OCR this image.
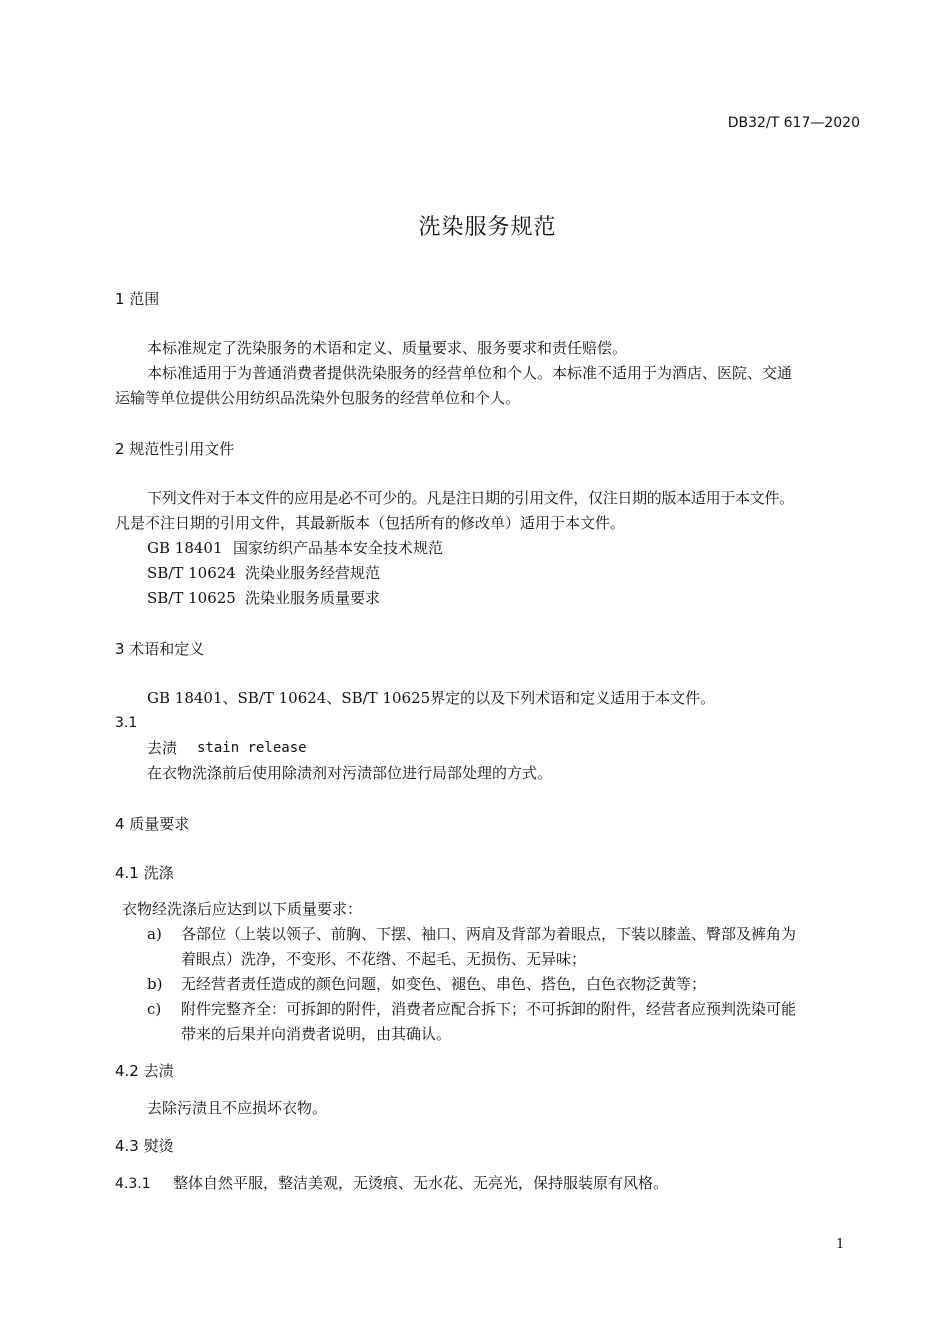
DB32/T 617—2020
洗染服务规范
1 范围
本标准规定了洗染服务的术语和定义、质量要求、服务要求和责任赔偿。
本标准适用于为普通消费者提供洗染服务的经营单位和个人。本标准不适用于为酒店、医院、交通
运输等单位提供公用纺织品洗染外包服务的经营单位和个人。
2 规范性引用文件
下列文件对于本文件的应用是必不可少的。凡是注日期的引用文件，仅注日期的版本适用于本文件。
凡是不注日期的引用文件，其最新版本（包括所有的修改单）适用于本文件。
GB 18401 国家纺织产品基本安全技术规范
SB/T 10624 洗染业服务经营规范
SB/T 10625 洗染业服务质量要求
3 术语和定义
GB 18401、SB/T 10624、SB/T 10625界定的以及下列术语和定义适用于本文件。
3.1
去渍 stain release
在衣物洗涤前后使用除渍剂对污渍部位进行局部处理的方式。
4 质量要求
4.1 洗涤
衣物经洗涤后应达到以下质量要求：
a) 各部位（上装以领子、前胸、下摆、袖口、两肩及背部为着眼点，下装以膝盖、臀部及裤角为
着眼点）洗净，不变形、不花绺、不起毛、无损伤、无异味；
b) 无经营者责任造成的颜色问题，如变色、褪色、串色、搭色，白色衣物泛黄等；
c) 附件完整齐全：可拆卸的附件，消费者应配合拆下；不可拆卸的附件，经营者应预判洗染可能
带来的后果并向消费者说明，由其确认。
4.2 去渍
去除污渍且不应损坏衣物。
4.3 熨烫
4.3.1 整体自然平服，整洁美观，无烫痕、无水花、无亮光，保持服装原有风格。
1
